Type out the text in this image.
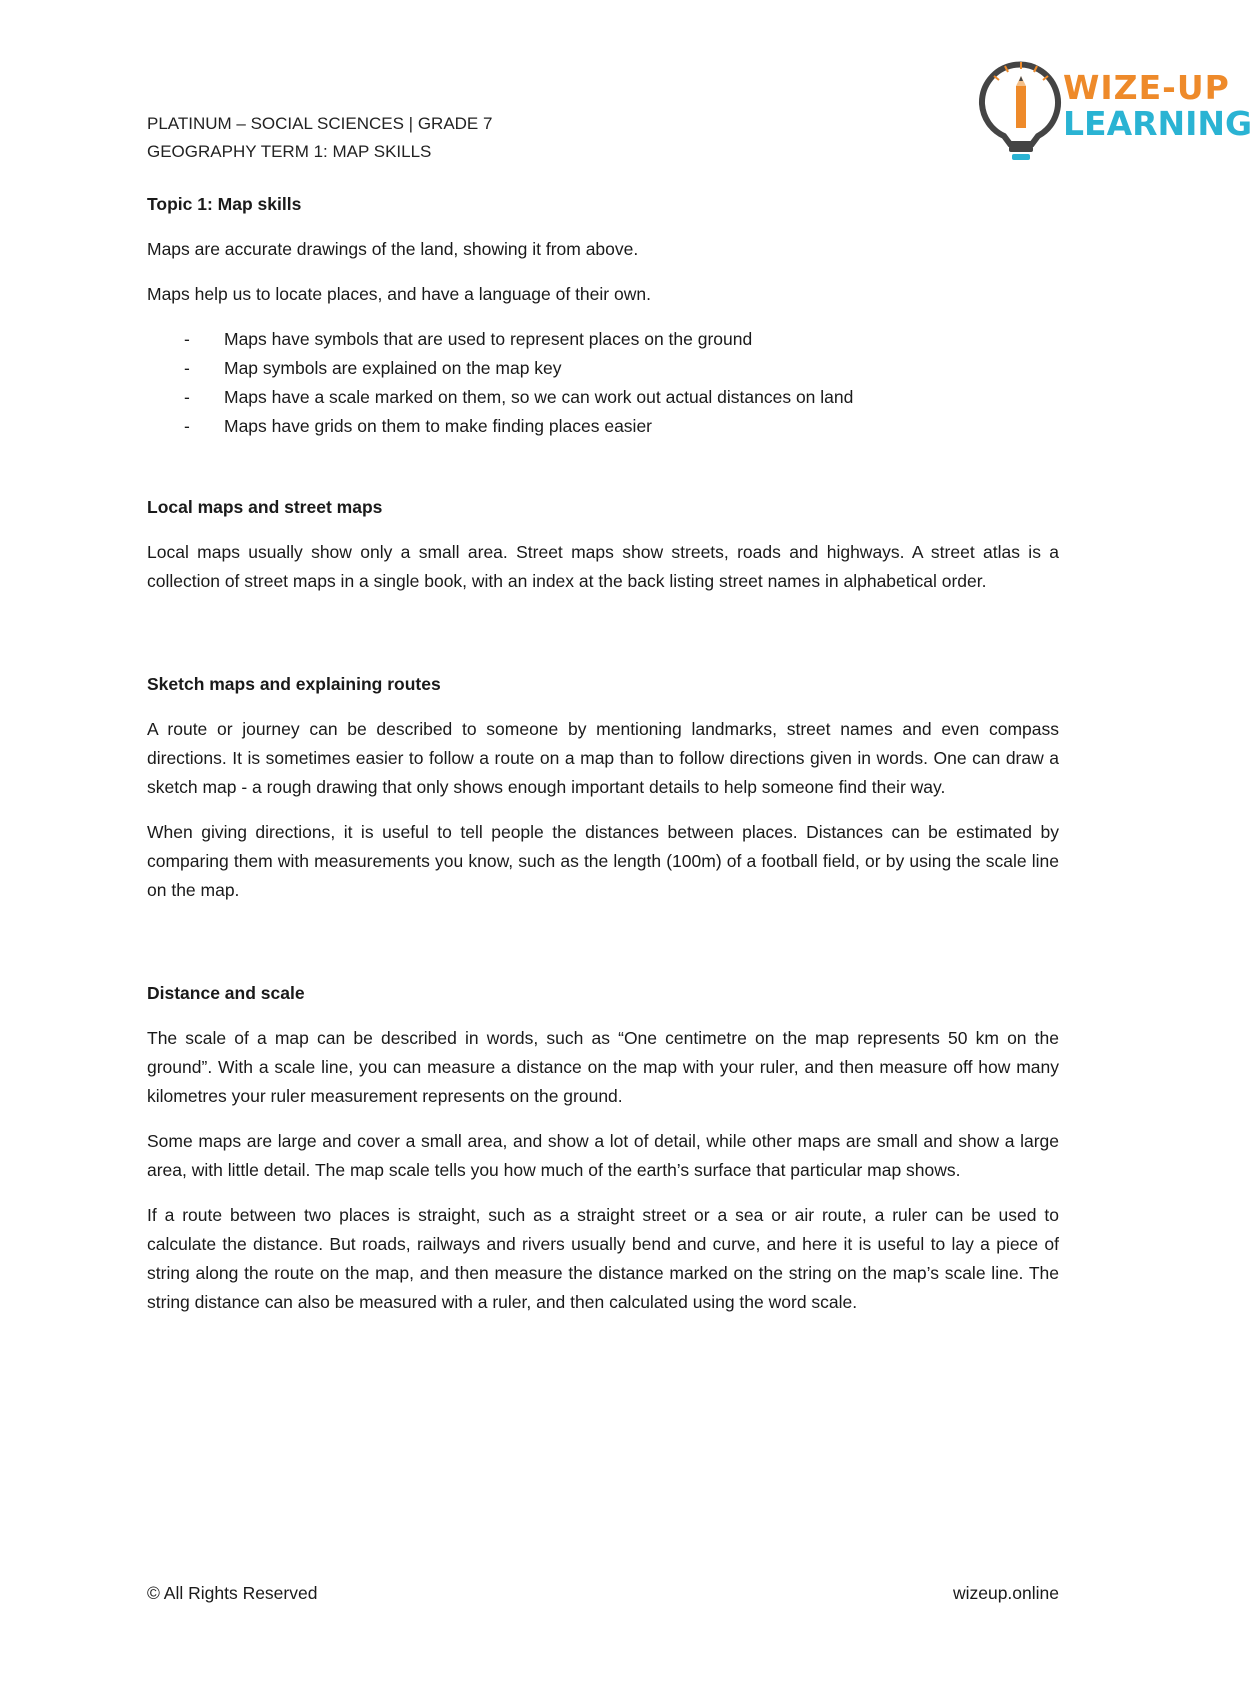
PLATINUM – SOCIAL SCIENCES | GRADE 7
GEOGRAPHY TERM 1: MAP SKILLS
WIZE-UP
LEARNING
Topic 1: Map skills

Maps are accurate drawings of the land, showing it from above.

Maps help us to locate places, and have a language of their own.

- Maps have symbols that are used to represent places on the ground
- Map symbols are explained on the map key
- Maps have a scale marked on them, so we can work out actual distances on land
- Maps have grids on them to make finding places easier
Local maps and street maps

Local maps usually show only a small area. Street maps show streets, roads and highways. A street atlas is a collection of street maps in a single book, with an index at the back listing street names in alphabetical order.

Sketch maps and explaining routes

A route or journey can be described to someone by mentioning landmarks, street names and even compass directions. It is sometimes easier to follow a route on a map than to follow directions given in words. One can draw a sketch map - a rough drawing that only shows enough important details to help someone find their way.

When giving directions, it is useful to tell people the distances between places. Distances can be estimated by comparing them with measurements you know, such as the length (100m) of a football field, or by using the scale line on the map.

Distance and scale

The scale of a map can be described in words, such as “One centimetre on the map represents 50 km on the ground”. With a scale line, you can measure a distance on the map with your ruler, and then measure off how many kilometres your ruler measurement represents on the ground.

Some maps are large and cover a small area, and show a lot of detail, while other maps are small and show a large area, with little detail. The map scale tells you how much of the earth’s surface that particular map shows.

If a route between two places is straight, such as a straight street or a sea or air route, a ruler can be used to calculate the distance. But roads, railways and rivers usually bend and curve, and here it is useful to lay a piece of string along the route on the map, and then measure the distance marked on the string on the map’s scale line. The string distance can also be measured with a ruler, and then calculated using the word scale.

© All Rights Reserved	wizeup.online
